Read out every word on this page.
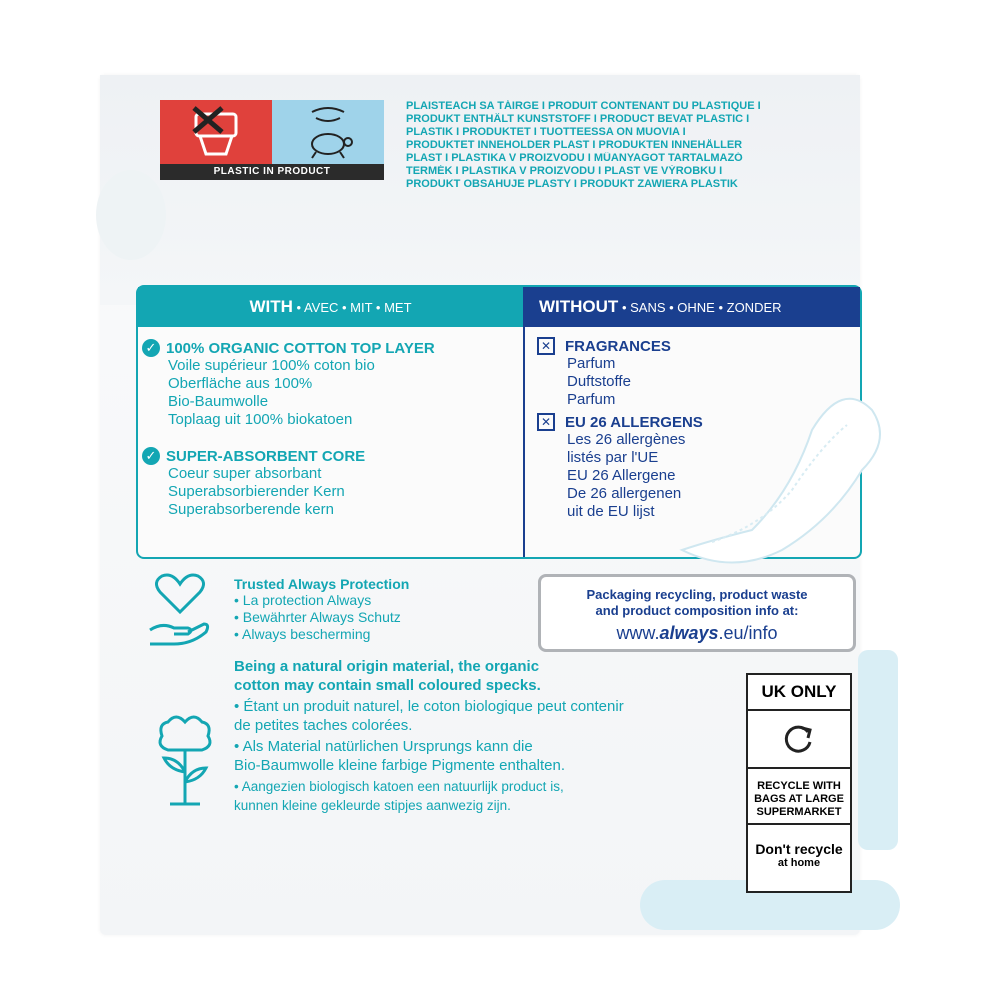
PLASTIC IN PRODUCT
PLAISTEACH SA TÁIRGE I PRODUIT CONTENANT DU PLASTIQUE I
PRODUKT ENTHÄLT KUNSTSTOFF I PRODUCT BEVAT PLASTIC I
PLASTIK I PRODUKTET I TUOTTEESSA ON MUOVIA I
PRODUKTET INNEHOLDER PLAST I PRODUKTEN INNEHÅLLER
PLAST I PLASTIKA V PROIZVODU I MŰANYAGOT TARTALMAZÓ
TERMÉK I PLASTIKA V PROIZVODU I PLAST VE VÝROBKU I
PRODUKT OBSAHUJE PLASTY I PRODUKT ZAWIERA PLASTIK
WITH • AVEC • MIT • MET
✓ 100% ORGANIC COTTON TOP LAYER
Voile supérieur 100% coton bio
Oberfläche aus 100%
Bio-Baumwolle
Toplaag uit 100% biokatoen
✓ SUPER-ABSORBENT CORE
Coeur super absorbant
Superabsorbierender Kern
Superabsorberende kern
WITHOUT • SANS • OHNE • ZONDER
✕ FRAGRANCES
Parfum
Duftstoffe
Parfum
✕ EU 26 ALLERGENS
Les 26 allergènes
listés par l'UE
EU 26 Allergene
De 26 allergenen
uit de EU lijst
Trusted Always Protection
• La protection Always
• Bewährter Always Schutz
• Always bescherming
Packaging recycling, product waste
and product composition info at:
www.always.eu/info
Being a natural origin material, the organic
cotton may contain small coloured specks.
• Étant un produit naturel, le coton biologique peut contenir
de petites taches colorées.
• Als Material natürlichen Ursprungs kann die
Bio-Baumwolle kleine farbige Pigmente enthalten.
• Aangezien biologisch katoen een natuurlijk product is,
kunnen kleine gekleurde stipjes aanwezig zijn.
UK ONLY
RECYCLE WITH BAGS AT LARGE SUPERMARKET
Don't recycle
at home
